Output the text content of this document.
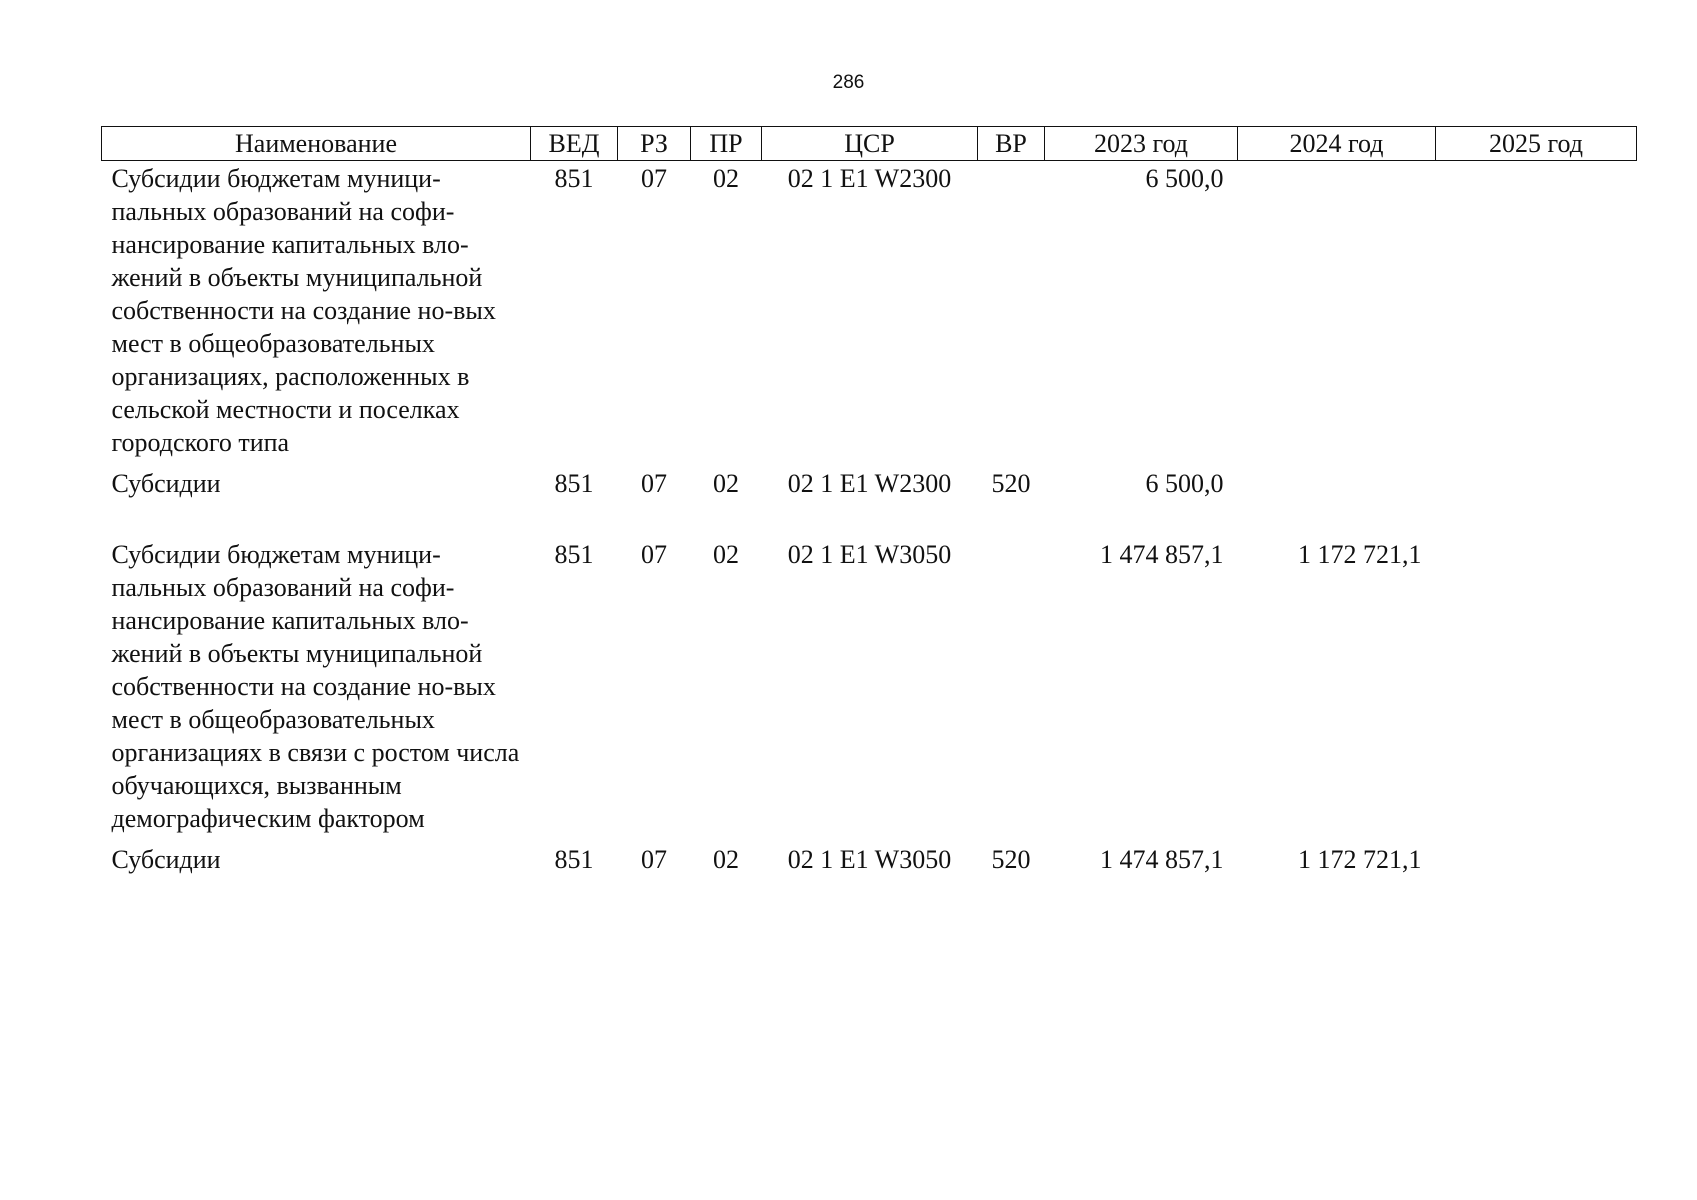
286
Наименование	ВЕД	РЗ	ПР	ЦСР	ВР	2023 год	2024 год	2025 год
Субсидии бюджетам муници-пальных образований на софи-нансирование капитальных вло-жений в объекты муниципальной собственности на создание но-вых мест в общеобразовательных организациях, расположенных в сельской местности и поселках городского типа	851	07	02	02 1 E1 W2300		6 500,0		
Субсидии	851	07	02	02 1 E1 W2300	520	6 500,0		
Субсидии бюджетам муници-пальных образований на софи-нансирование капитальных вло-жений в объекты муниципальной собственности на создание но-вых мест в общеобразовательных организациях в связи с ростом числа обучающихся, вызванным демографическим фактором	851	07	02	02 1 E1 W3050		1 474 857,1	1 172 721,1	
Субсидии	851	07	02	02 1 E1 W3050	520	1 474 857,1	1 172 721,1	
